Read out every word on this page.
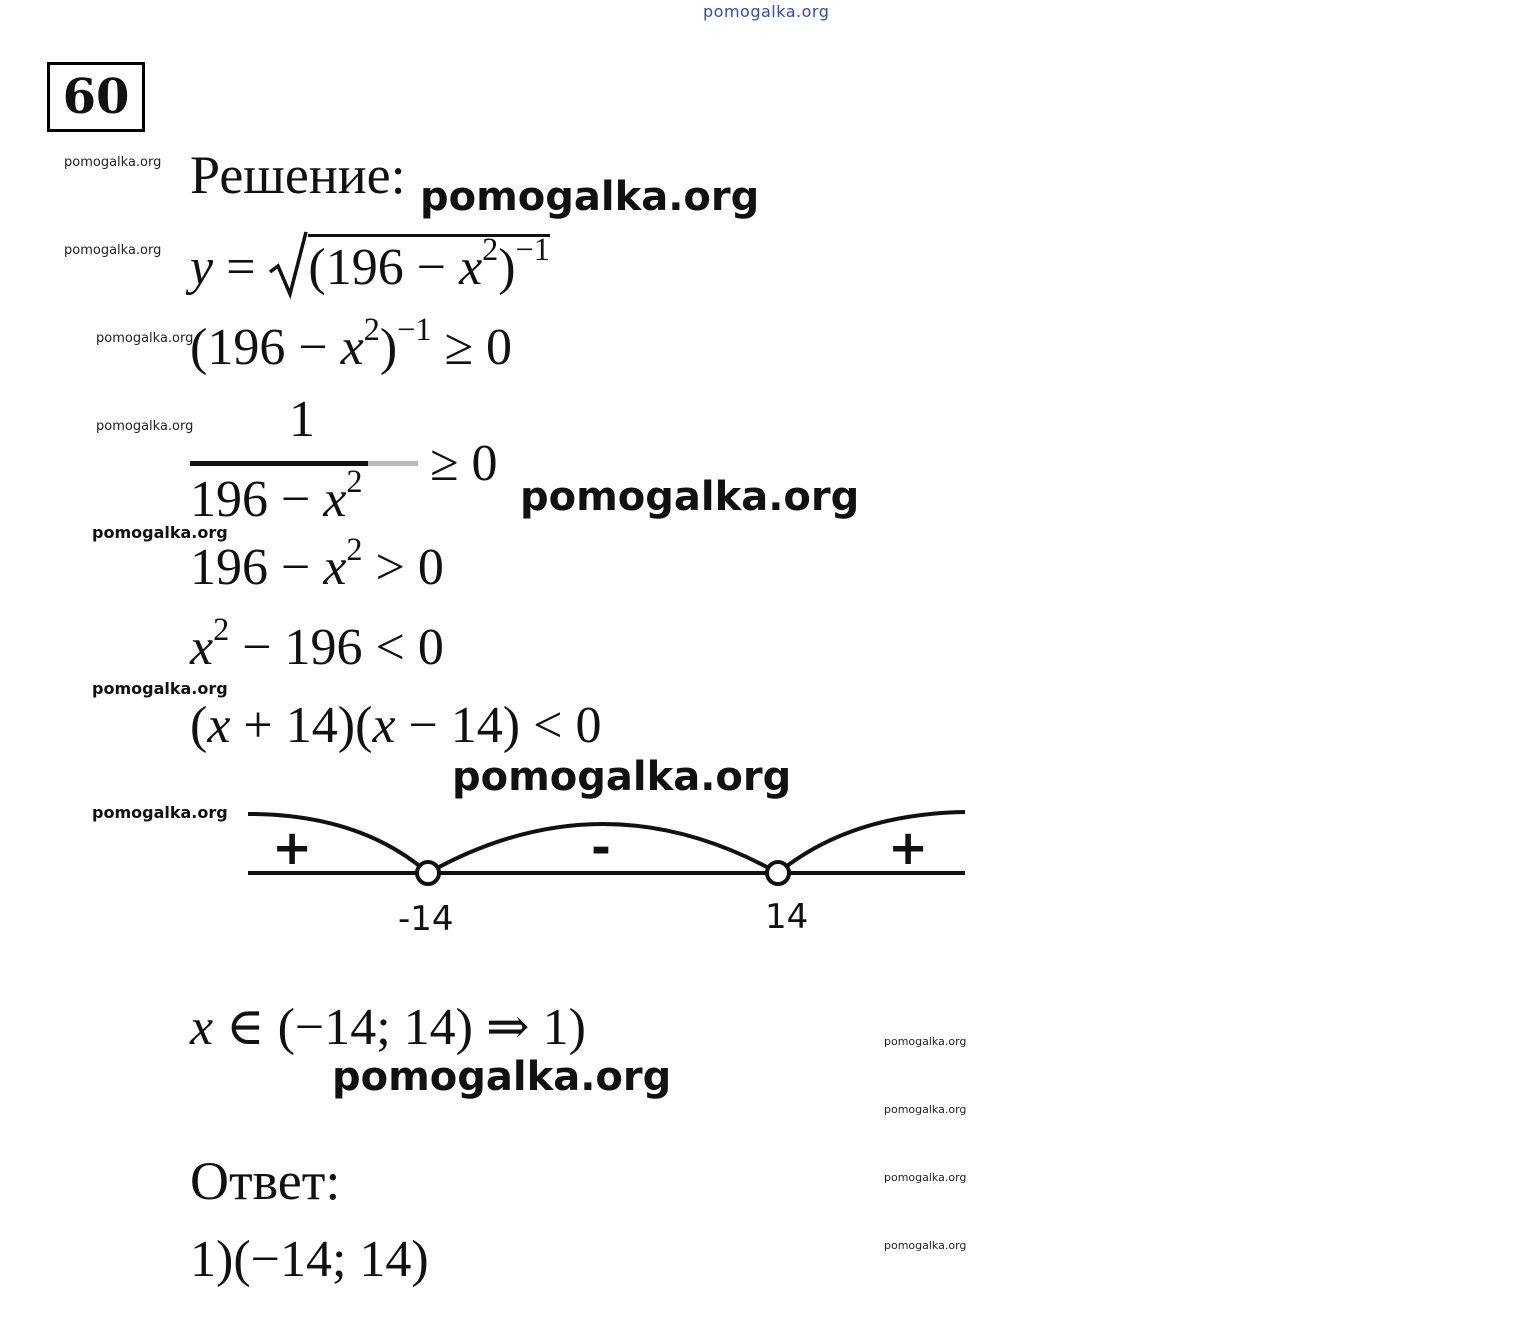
pomogalka.org
60
Решение:
pomogalka.org
pomogalka.org
pomogalka.org
pomogalka.org
pomogalka.org
pomogalka.org
pomogalka.org
pomogalka.org
pomogalka.org
pomogalka.org
pomogalka.org
pomogalka.org
pomogalka.org
pomogalka.org
pomogalka.org
$y = (196 - x^2)^{-1}$
$(196 - x^2)^{-1} \ge 0$
1
$196 - x^2 \ge 0$
$196 - x^2 > 0$
$x^2 - 196 < 0$
(x + 14)(x − 14) < 0
+	-	+
-14	14
x ∈ (−14; 14) ⇒ 1)
Ответ:
1)(−14; 14)
